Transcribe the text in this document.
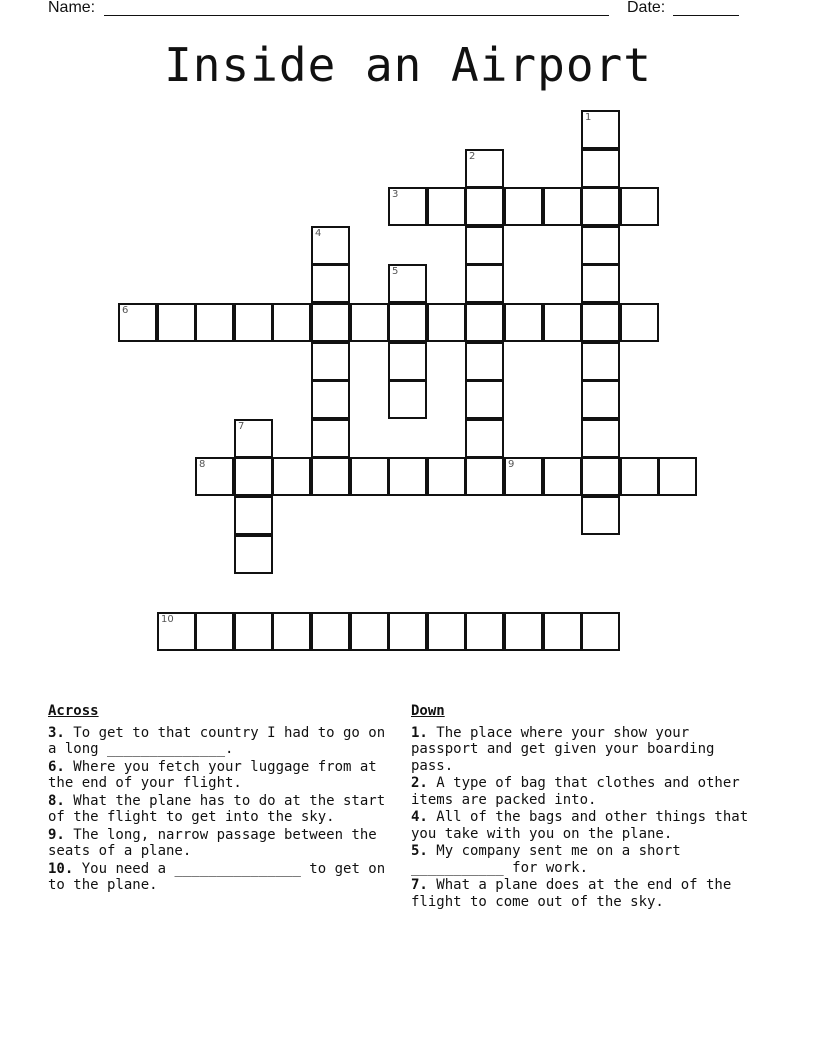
Name:	Date:
Inside an Airport
1
2
3
4
5
6
7
8	9
10
Across
3. To get to that country I had to go on a long ______________.
6. Where you fetch your luggage from at the end of your flight.
8. What the plane has to do at the start of the flight to get into the sky.
9. The long, narrow passage between the seats of a plane.
10. You need a _______________ to get on to the plane.
Down
1. The place where your show your passport and get given your boarding pass.
2. A type of bag that clothes and other items are packed into.
4. All of the bags and other things that you take with you on the plane.
5. My company sent me on a short ___________ for work.
7. What a plane does at the end of the flight to come out of the sky.
